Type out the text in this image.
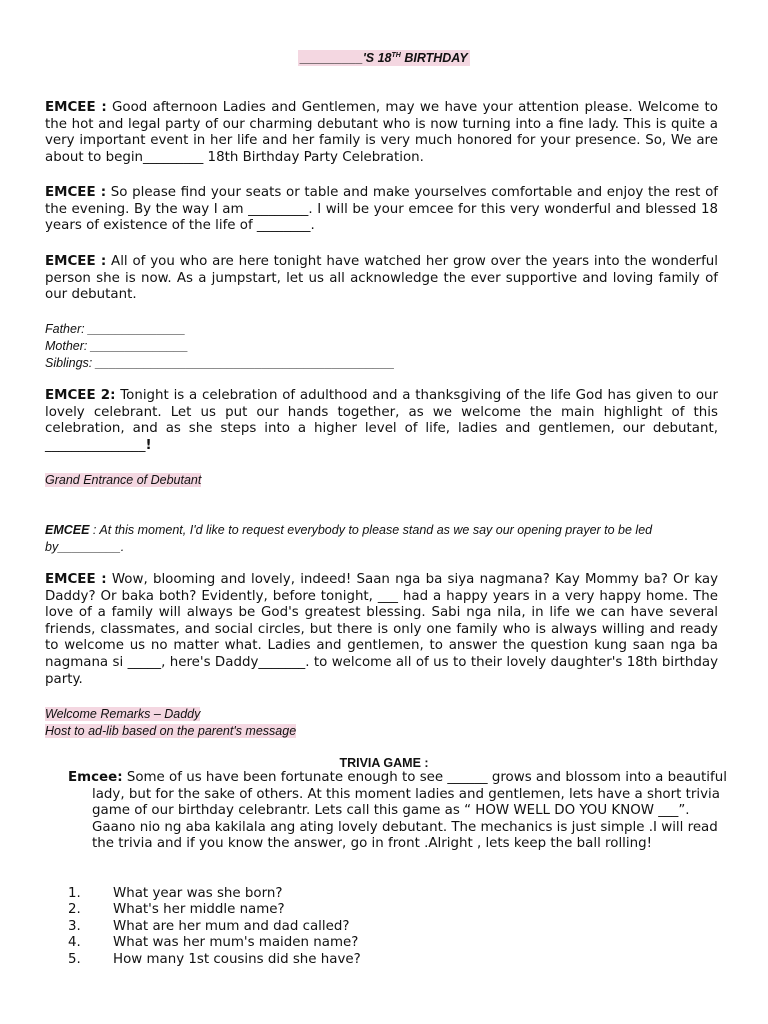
_________'S 18TH BIRTHDAY

EMCEE : Good afternoon Ladies and Gentlemen, may we have your attention please. Welcome to the hot and legal party of our charming debutant who is now turning into a fine lady. This is quite a very important event in her life and her family is very much honored for your presence. So, We are about to begin_________ 18th Birthday Party Celebration.

EMCEE : So please find your seats or table and make yourselves comfortable and enjoy the rest of the evening. By the way I am _________. I will be your emcee for this very wonderful and blessed 18 years of existence of the life of ________.

EMCEE : All of you who are here tonight have watched her grow over the years into the wonderful person she is now. As a jumpstart, let us all acknowledge the ever supportive and loving family of our debutant.

Father: ______________
Mother: ______________
Siblings: ___________________________________________

EMCEE 2: Tonight is a celebration of adulthood and a thanksgiving of the life God has given to our lovely celebrant. Let us put our hands together, as we welcome the main highlight of this celebration, and as she steps into a higher level of life, ladies and gentlemen, our debutant, _______________!

Grand Entrance of Debutant
EMCEE : At this moment, I'd like to request everybody to please stand as we say our opening prayer to be led by_________.

EMCEE : Wow, blooming and lovely, indeed! Saan nga ba siya nagmana? Kay Mommy ba? Or kay Daddy? Or baka both? Evidently, before tonight, ___ had a happy years in a very happy home. The love of a family will always be God's greatest blessing. Sabi nga nila, in life we can have several friends, classmates, and social circles, but there is only one family who is always willing and ready to welcome us no matter what. Ladies and gentlemen, to answer the question kung saan nga ba nagmana si _____, here's Daddy_______. to welcome all of us to their lovely daughter's 18th birthday party.

Welcome Remarks – Daddy
Host to ad-lib based on the parent's message
TRIVIA GAME :
Emcee: Some of us have been fortunate enough to see ______ grows and blossom into a beautiful lady, but for the sake of others. At this moment ladies and gentlemen, lets have a short trivia game of our birthday celebrantr. Lets call this game as “ HOW WELL DO YOU KNOW ___”. Gaano nio ng aba kakilala ang ating lovely debutant. The mechanics is just simple .I will read the trivia and if you know the answer, go in front .Alright , lets keep the ball rolling!
1.	What year was she born?
2.	What's her middle name?
3.	What are her mum and dad called?
4.	What was her mum's maiden name?
5.	How many 1st cousins did she have?
